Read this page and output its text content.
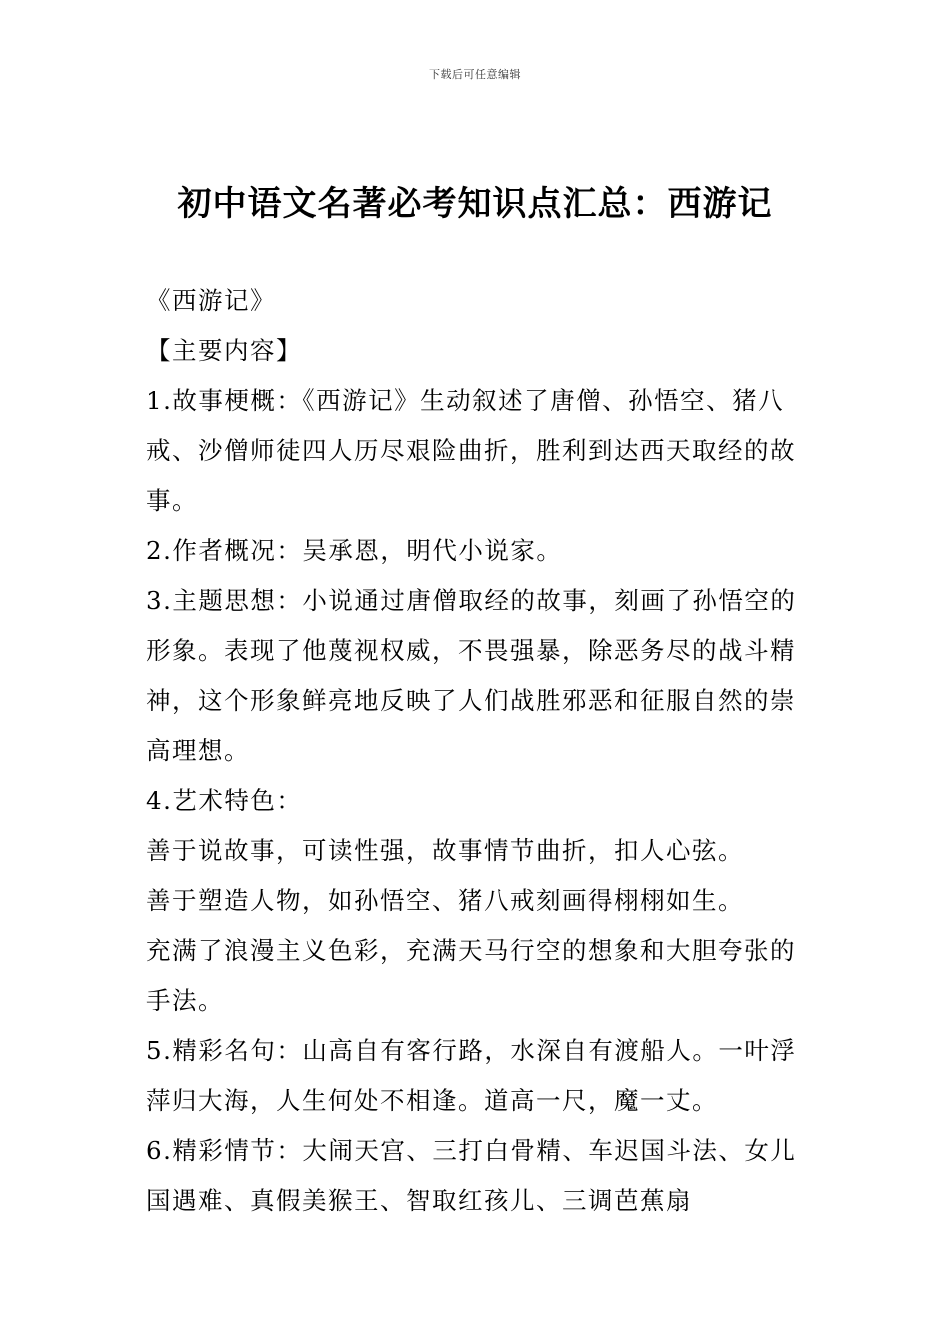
下载后可任意编辑
初中语文名著必考知识点汇总：西游记

《西游记》

【主要内容】

1.故事梗概：《西游记》生动叙述了唐僧、孙悟空、猪八戒、沙僧师徒四人历尽艰险曲折，胜利到达西天取经的故事。

2.作者概况：吴承恩，明代小说家。

3.主题思想：小说通过唐僧取经的故事，刻画了孙悟空的形象。表现了他蔑视权威，不畏强暴，除恶务尽的战斗精神，这个形象鲜亮地反映了人们战胜邪恶和征服自然的崇高理想。

4.艺术特色：

善于说故事，可读性强，故事情节曲折，扣人心弦。

善于塑造人物，如孙悟空、猪八戒刻画得栩栩如生。

充满了浪漫主义色彩，充满天马行空的想象和大胆夸张的手法。

5.精彩名句：山高自有客行路，水深自有渡船人。一叶浮萍归大海，人生何处不相逢。道高一尺，魔一丈。

6.精彩情节：大闹天宫、三打白骨精、车迟国斗法、女儿国遇难、真假美猴王、智取红孩儿、三调芭蕉扇
